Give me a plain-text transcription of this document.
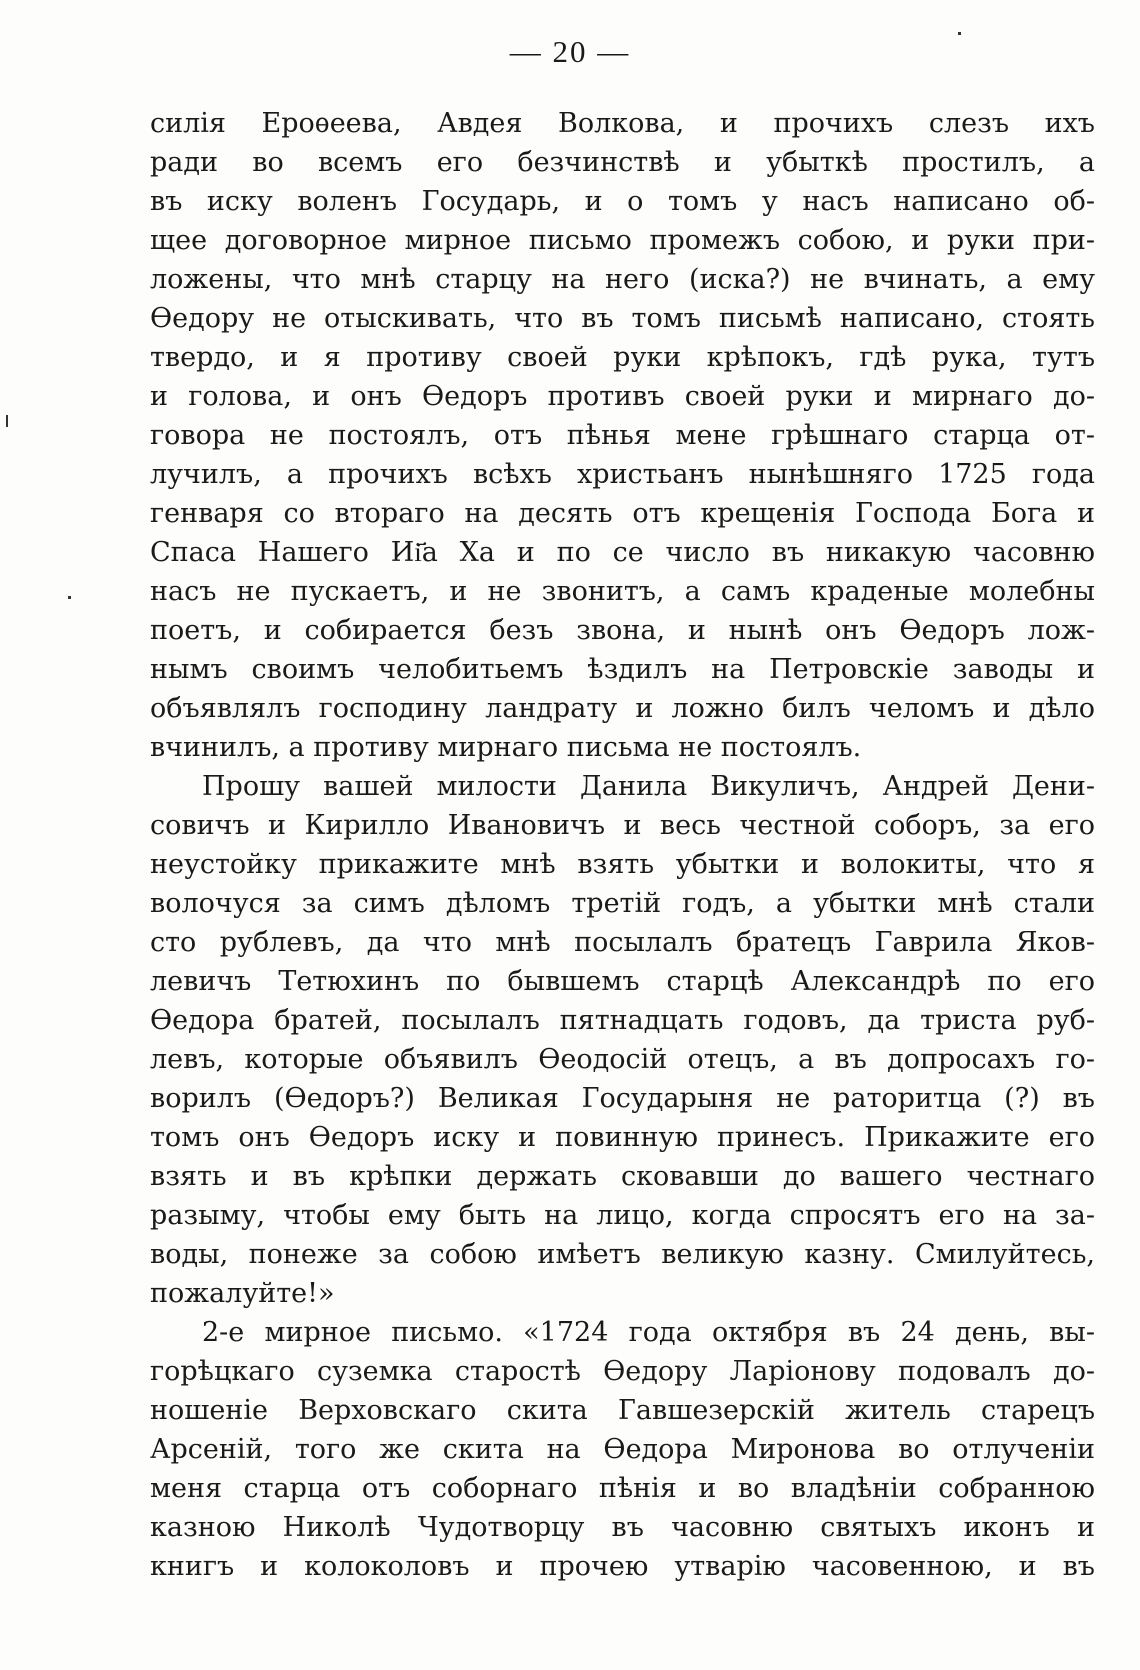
— 20 —
силія Ероѳеева, Авдея Волкова, и прочихъ слезъ ихъ
ради во всемъ его безчинствѣ и убыткѣ простилъ, а
въ иску воленъ Государь, и о томъ у насъ написано об-
щее договорное мирное письмо промежъ собою, и руки при-
ложены, что мнѣ старцу на него (иска?) не вчинать, а ему
Ѳедору не отыскивать, что въ томъ письмѣ написано, стоять
твердо, и я противу своей руки крѣпокъ, гдѣ рука, тутъ
и голова, и онъ Ѳедоръ противъ своей руки и мирнаго до-
говора не постоялъ, отъ пѣнья мене грѣшнаго старца от-
лучилъ, а прочихъ всѣхъ христьанъ нынѣшняго 1725 года
генваря со втораго на десять отъ крещенія Господа Бога и
Спаса Нашего Иі҃а Ха и по се число въ никакую часовню
насъ не пускаетъ, и не звонитъ, а самъ краденые молебны
поетъ, и собирается безъ звона, и нынѣ онъ Ѳедоръ лож-
нымъ своимъ челобитьемъ ѣздилъ на Петровскіе заводы и
объявлялъ господину ландрату и ложно билъ челомъ и дѣло
вчинилъ, а противу мирнаго письма не постоялъ.
Прошу вашей милости Данила Викуличъ, Андрей Дени-
совичъ и Кирилло Ивановичъ и весь честной соборъ, за его
неустойку прикажите мнѣ взять убытки и волокиты, что я
волочуся за симъ дѣломъ третій годъ, а убытки мнѣ стали
сто рублевъ, да что мнѣ посылалъ братецъ Гаврила Яков-
левичъ Тетюхинъ по бывшемъ старцѣ Александрѣ по его
Ѳедора братей, посылалъ пятнадцать годовъ, да триста руб-
левъ, которые объявилъ Ѳеодосій отецъ, а въ допросахъ го-
ворилъ (Ѳедоръ?) Великая Государыня не раторитца (?) въ
томъ онъ Ѳедоръ иску и повинную принесъ. Прикажите его
взять и въ крѣпки держать сковавши до вашего честнаго
разыму, чтобы ему быть на лицо, когда спросятъ его на за-
воды, понеже за собою имѣетъ великую казну. Смилуйтесь,
пожалуйте!»
2-е мирное письмо. «1724 года октября въ 24 день, вы-
горѣцкаго суземка старостѣ Ѳедору Ларіонову подовалъ до-
ношеніе Верховскаго скита Гавшезерскій житель старецъ
Арсеній, того же скита на Ѳедора Миронова во отлученіи
меня старца отъ соборнаго пѣнія и во владѣніи собранною
казною Николѣ Чудотворцу въ часовню святыхъ иконъ и
книгъ и колоколовъ и прочею утварію часовенною, и въ
